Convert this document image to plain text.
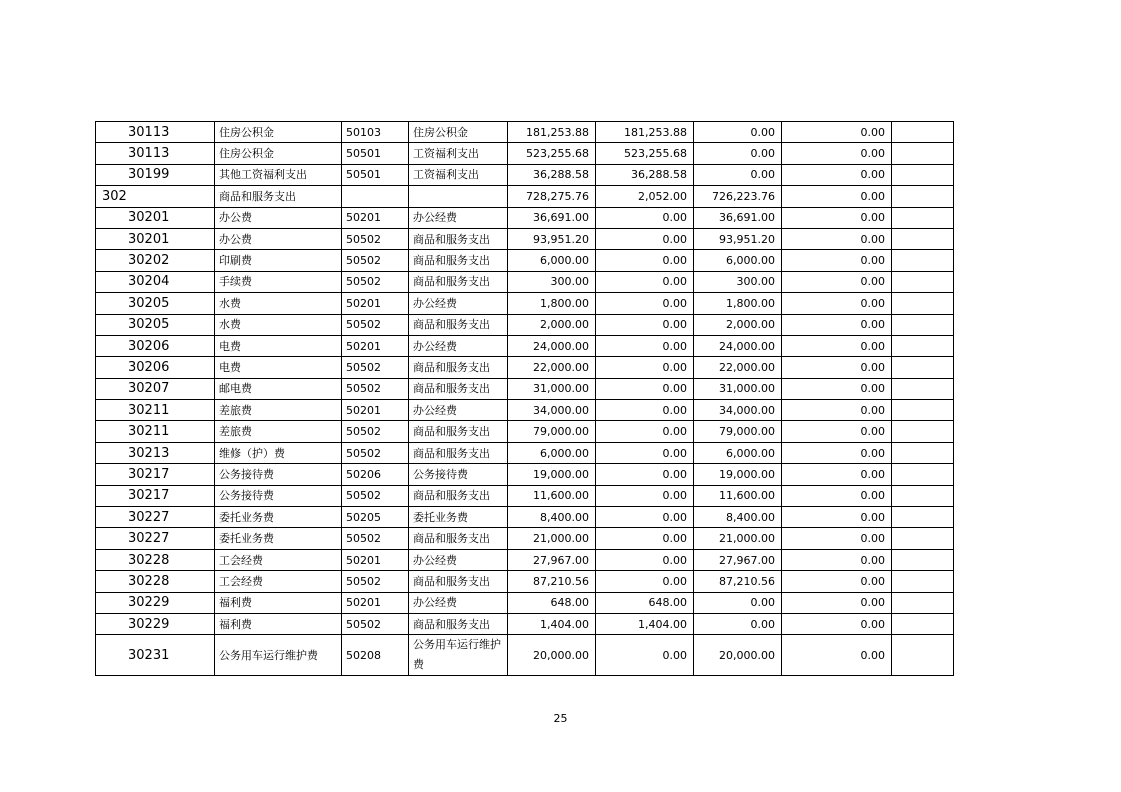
30113	住房公积金	50103	住房公积金	181,253.88	181,253.88	0.00	0.00	
30113	住房公积金	50501	工资福利支出	523,255.68	523,255.68	0.00	0.00	
30199	其他工资福利支出	50501	工资福利支出	36,288.58	36,288.58	0.00	0.00	
302	商品和服务支出			728,275.76	2,052.00	726,223.76	0.00	
30201	办公费	50201	办公经费	36,691.00	0.00	36,691.00	0.00	
30201	办公费	50502	商品和服务支出	93,951.20	0.00	93,951.20	0.00	
30202	印刷费	50502	商品和服务支出	6,000.00	0.00	6,000.00	0.00	
30204	手续费	50502	商品和服务支出	300.00	0.00	300.00	0.00	
30205	水费	50201	办公经费	1,800.00	0.00	1,800.00	0.00	
30205	水费	50502	商品和服务支出	2,000.00	0.00	2,000.00	0.00	
30206	电费	50201	办公经费	24,000.00	0.00	24,000.00	0.00	
30206	电费	50502	商品和服务支出	22,000.00	0.00	22,000.00	0.00	
30207	邮电费	50502	商品和服务支出	31,000.00	0.00	31,000.00	0.00	
30211	差旅费	50201	办公经费	34,000.00	0.00	34,000.00	0.00	
30211	差旅费	50502	商品和服务支出	79,000.00	0.00	79,000.00	0.00	
30213	维修（护）费	50502	商品和服务支出	6,000.00	0.00	6,000.00	0.00	
30217	公务接待费	50206	公务接待费	19,000.00	0.00	19,000.00	0.00	
30217	公务接待费	50502	商品和服务支出	11,600.00	0.00	11,600.00	0.00	
30227	委托业务费	50205	委托业务费	8,400.00	0.00	8,400.00	0.00	
30227	委托业务费	50502	商品和服务支出	21,000.00	0.00	21,000.00	0.00	
30228	工会经费	50201	办公经费	27,967.00	0.00	27,967.00	0.00	
30228	工会经费	50502	商品和服务支出	87,210.56	0.00	87,210.56	0.00	
30229	福利费	50201	办公经费	648.00	648.00	0.00	0.00	
30229	福利费	50502	商品和服务支出	1,404.00	1,404.00	0.00	0.00	
30231	公务用车运行维护费	50208	公务用车运行维护费	20,000.00	0.00	20,000.00	0.00	
25
